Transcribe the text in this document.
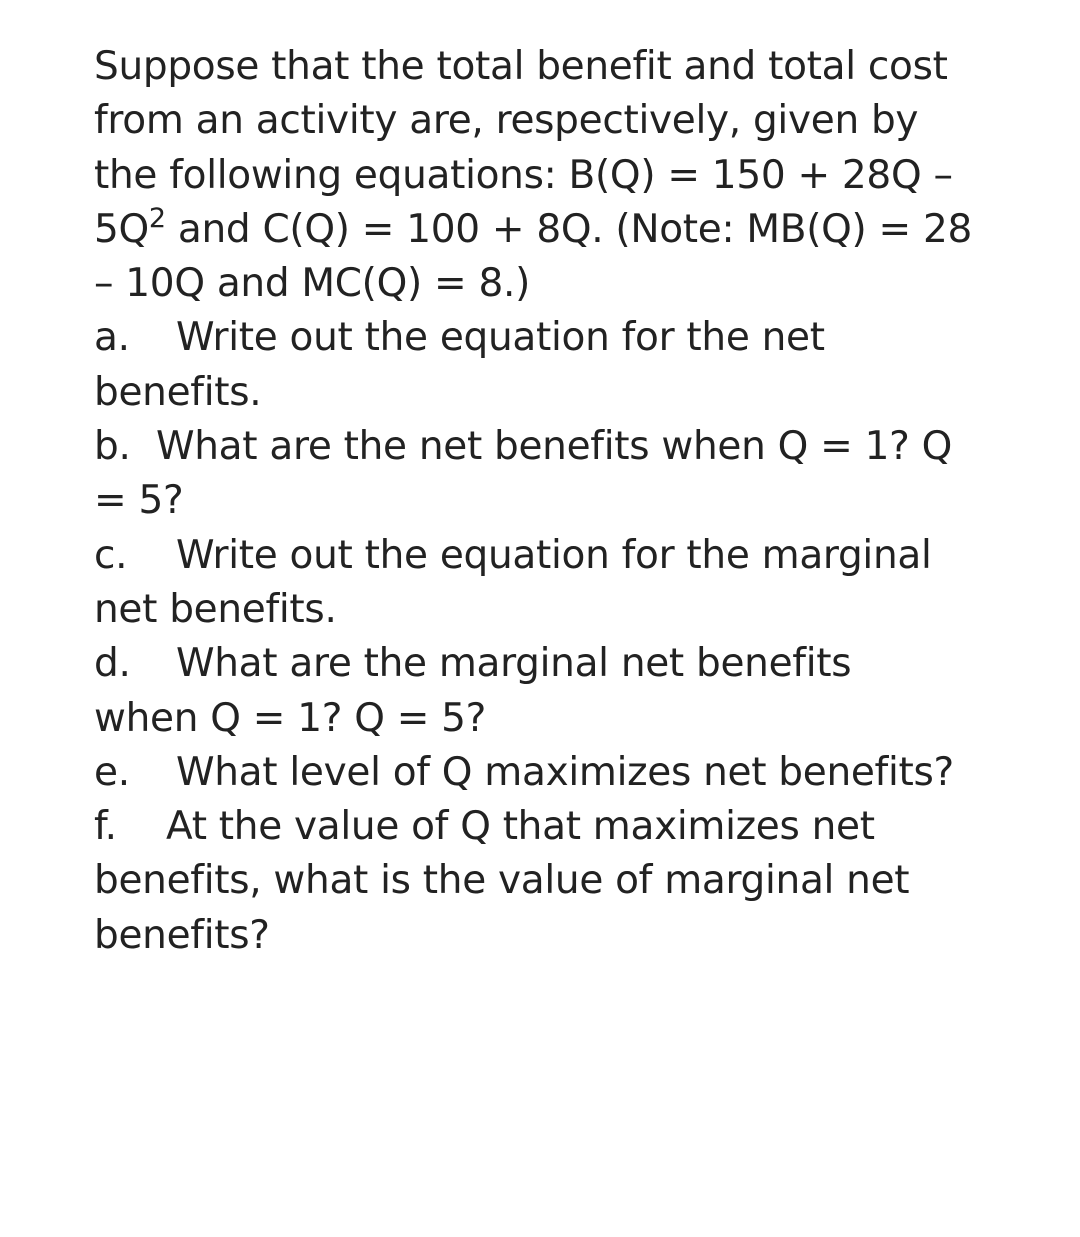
Suppose that the total benefit and total cost
from an activity are, respectively, given by
the following equations: B(Q) = 150 + 28Q –
$5Q^2$ and C(Q) = 100 + 8Q. (Note: MB(Q) = 28
– 10Q and MC(Q) = 8.)
a. Write out the equation for the net
benefits.
b. What are the net benefits when Q = 1? Q
= 5?
c. Write out the equation for the marginal
net benefits.
d. What are the marginal net benefits
when Q = 1? Q = 5?
e. What level of Q maximizes net benefits?
f. At the value of Q that maximizes net
benefits, what is the value of marginal net
benefits?
